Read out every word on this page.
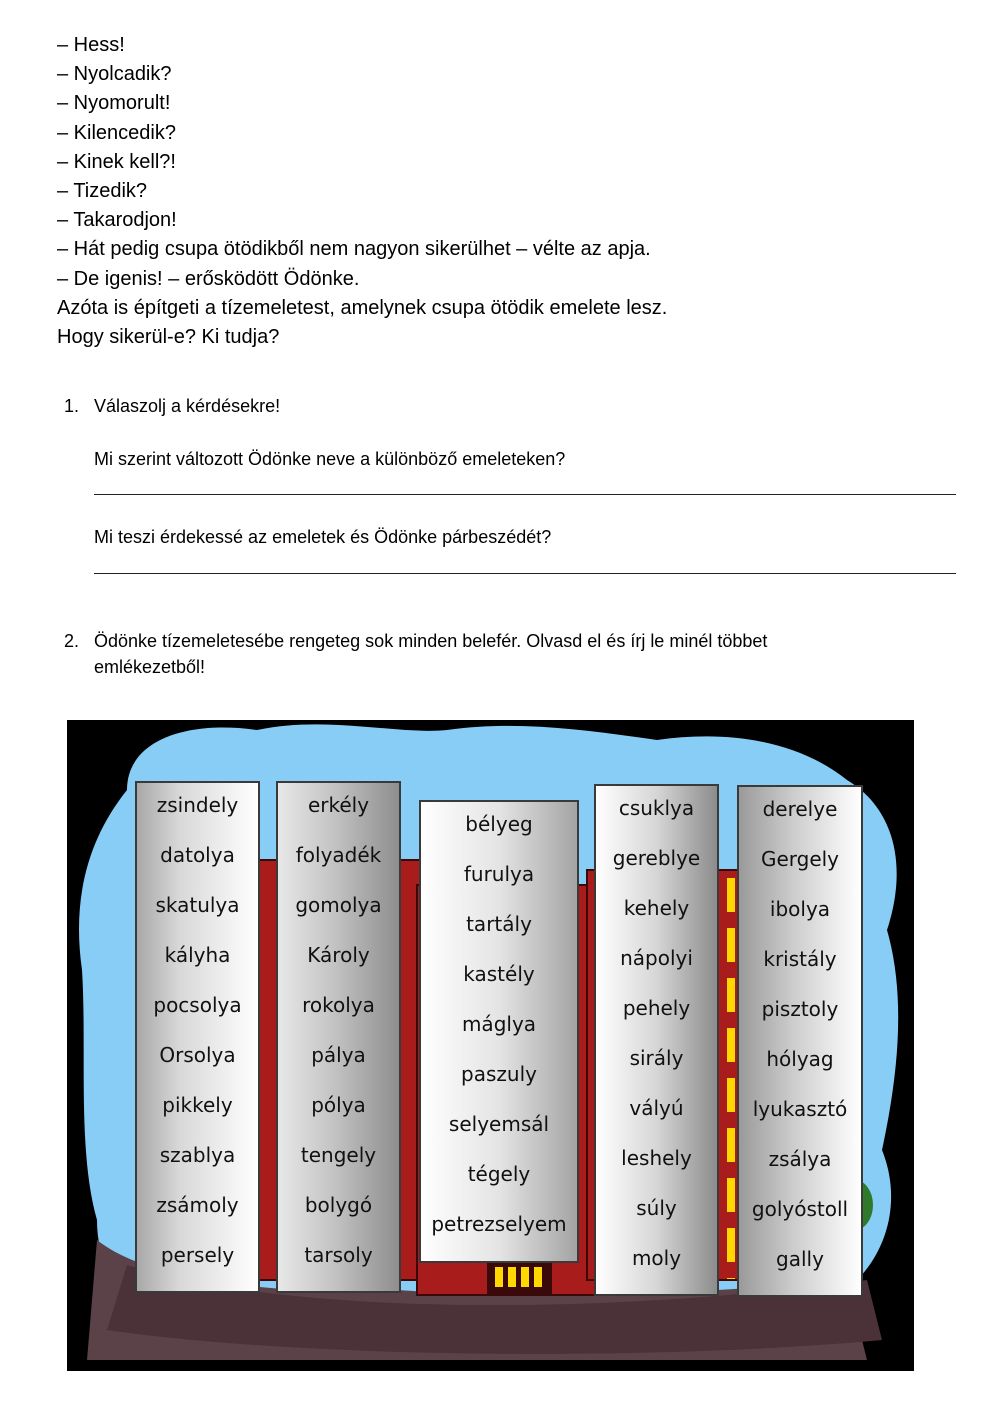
– Hess!
– Nyolcadik?
– Nyomorult!
– Kilencedik?
– Kinek kell?!
– Tizedik?
– Takarodjon!
– Hát pedig csupa ötödikből nem nagyon sikerülhet – vélte az apja.
– De igenis! – erősködött Ödönke.
Azóta is építgeti a tízemeletest, amelynek csupa ötödik emelete lesz.
Hogy sikerül-e? Ki tudja?
1. Válaszolj a kérdésekre!
Mi szerint változott Ödönke neve a különböző emeleteken?
Mi teszi érdekessé az emeletek és Ödönke párbeszédét?
2. Ödönke tízemeletesébe rengeteg sok minden belefér. Olvasd el és írj le minél többet
emlékezetből!
zsindely
datolya
skatulya
kályha
pocsolya
Orsolya
pikkely
szablya
zsámoly
persely
erkély
folyadék
gomolya
Károly
rokolya
pálya
pólya
tengely
bolygó
tarsoly
bélyeg
furulya
tartály
kastély
máglya
paszuly
selyemsál
tégely
petrezselyem
csuklya
gereblye
kehely
nápolyi
pehely
sirály
vályú
leshely
súly
moly
derelye
Gergely
ibolya
kristály
pisztoly
hólyag
lyukasztó
zsálya
golyóstoll
gally
